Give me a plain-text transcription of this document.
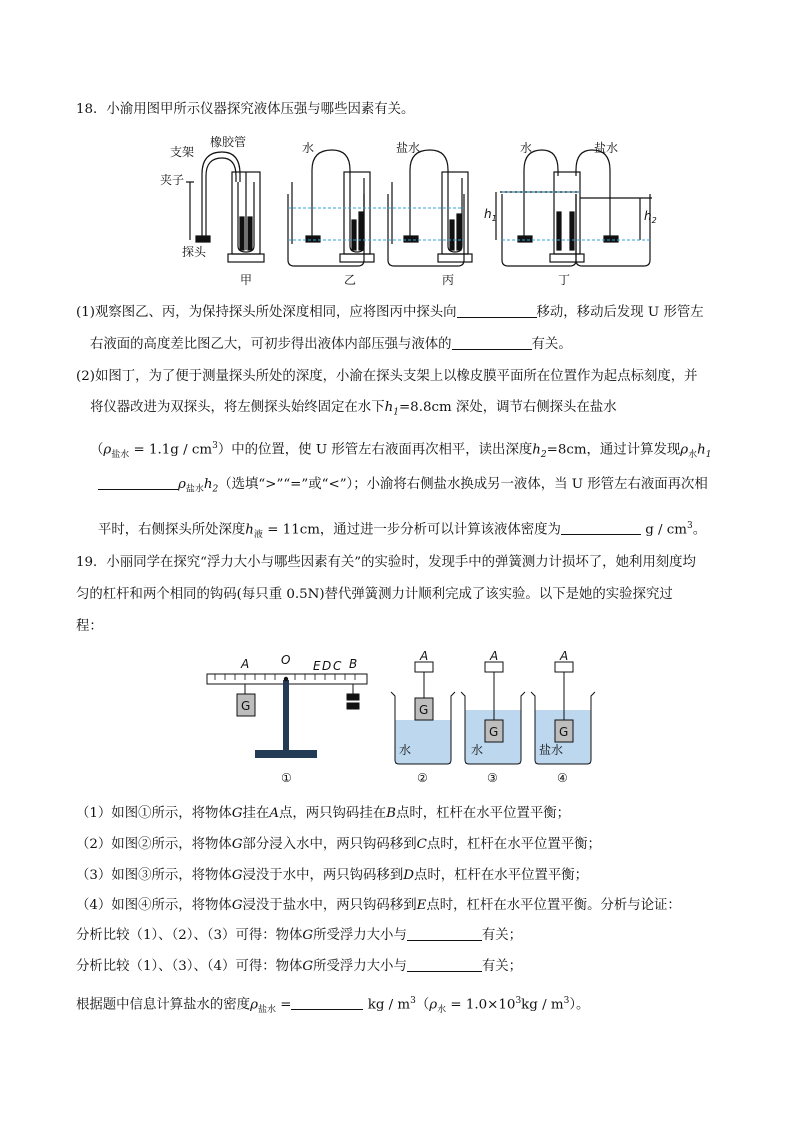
18．小渝用图甲所示仪器探究液体压强与哪些因素有关。
支架
橡胶管
夹子
探头
水	盐水	水	盐水
$h_1$	$h_2$
甲	乙	丙	丁
(1)观察图乙、丙，为保持探头所处深度相同，应将图丙中探头向	移动，移动后发现 U 形管左
右液面的高度差比图乙大，可初步得出液体内部压强与液体的	有关。
(2)如图丁，为了便于测量探头所处的深度，小渝在探头支架上以橡皮膜平面所在位置作为起点标刻度，并
将仪器改进为双探头，将左侧探头始终固定在水下$h_1=8.8cm$ 深处，调节右侧探头在盐水
$(\rho_{盐水} = 1.1g / cm^3)$中的位置，使 U 形管左右液面再次相平，读出深度$h_2=8cm$，通过计算发现$\rho_水h_1$
$\rho_{盐水}h_2$（选填“>”“=”或“<”）；小渝将右侧盐水换成另一液体，当 U 形管左右液面再次相
平时，右侧探头所处深度$h_液 = 11cm$，通过进一步分析可以计算该液体密度为	g / $cm^3$。
19．小丽同学在探究“浮力大小与哪些因素有关”的实验时，发现手中的弹簧测力计损坏了，她利用刻度均
匀的杠杆和两个相同的钩码(每只重 0.5N)替代弹簧测力计顺利完成了该实验。以下是她的实验探究过
程：
A	O E D C B
G
A	A	A
G
G	G
水	水	盐水
①	②	③	④
（1）如图①所示，将物体G挂在A点，两只钩码挂在B点时，杠杆在水平位置平衡；
（2）如图②所示，将物体G部分浸入水中，两只钩码移到C点时，杠杆在水平位置平衡；
（3）如图③所示，将物体G浸没于水中，两只钩码移到D点时，杠杆在水平位置平衡；
（4）如图④所示，将物体G浸没于盐水中，两只钩码移到E点时，杠杆在水平位置平衡。分析与论证：
分析比较（1）、（2）、（3）可得：物体G所受浮力大小与	有关；
分析比较（1）、（3）、（4）可得：物体G所受浮力大小与	有关；
根据题中信息计算盐水的密度$\rho_{盐水}$ =	kg / $m^3(\rho_水 = 1.0\times 10^3kg / m^3)$。
